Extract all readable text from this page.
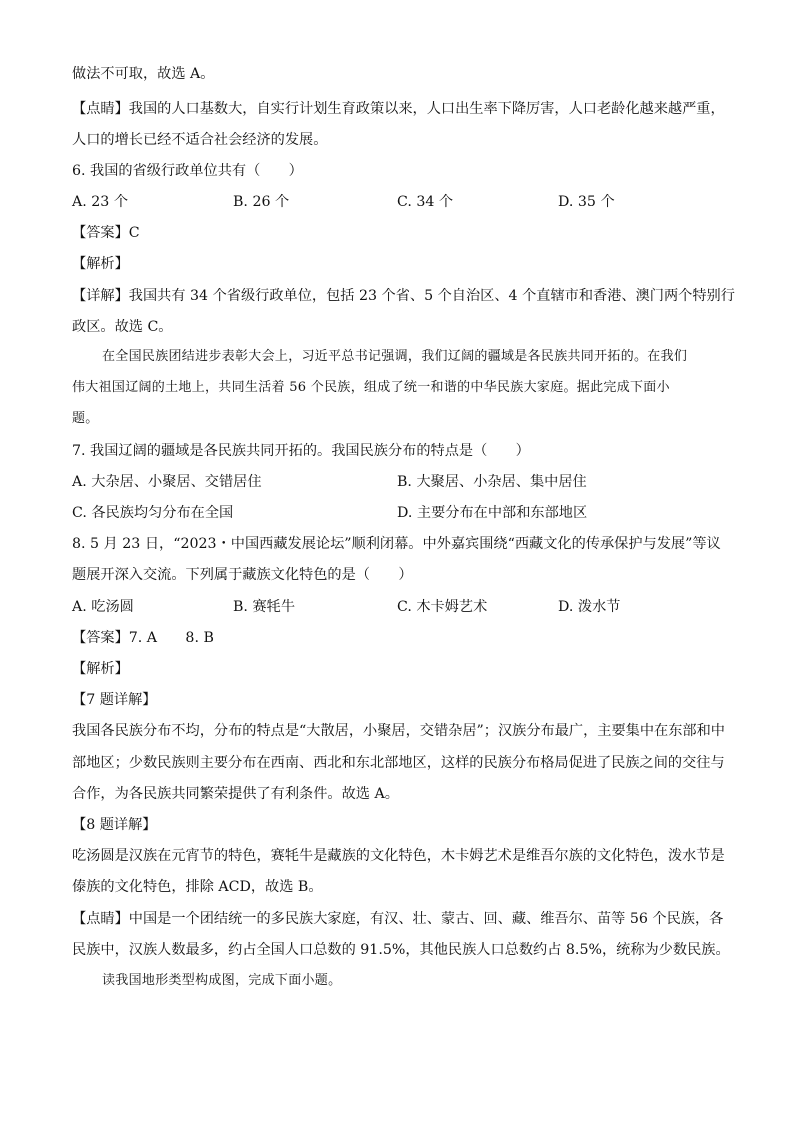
做法不可取，故选 A。
【点睛】我国的人口基数大，自实行计划生育政策以来，人口出生率下降厉害，人口老龄化越来越严重，
人口的增长已经不适合社会经济的发展。
6. 我国的省级行政单位共有（　　）
A. 23 个	B. 26 个	C. 34 个	D. 35 个
【答案】C
【解析】
【详解】我国共有 34 个省级行政单位，包括 23 个省、5 个自治区、4 个直辖市和香港、澳门两个特别行
政区。故选 C。
在全国民族团结进步表彰大会上，习近平总书记强调，我们辽阔的疆域是各民族共同开拓的。在我们
伟大祖国辽阔的土地上，共同生活着 56 个民族，组成了统一和谐的中华民族大家庭。据此完成下面小
题。
7. 我国辽阔的疆域是各民族共同开拓的。我国民族分布的特点是（　　）
A. 大杂居、小聚居、交错居住	B. 大聚居、小杂居、集中居住
C. 各民族均匀分布在全国	D. 主要分布在中部和东部地区
8. 5 月 23 日，“2023・中国西藏发展论坛”顺利闭幕。中外嘉宾围绕“西藏文化的传承保护与发展”等议
题展开深入交流。下列属于藏族文化特色的是（　　）
A. 吃汤圆	B. 赛牦牛	C. 木卡姆艺术	D. 泼水节
【答案】7. A　　8. B
【解析】
【7 题详解】
我国各民族分布不均，分布的特点是“大散居，小聚居，交错杂居”；汉族分布最广，主要集中在东部和中
部地区；少数民族则主要分布在西南、西北和东北部地区，这样的民族分布格局促进了民族之间的交往与
合作，为各民族共同繁荣提供了有利条件。故选 A。
【8 题详解】
吃汤圆是汉族在元宵节的特色，赛牦牛是藏族的文化特色，木卡姆艺术是维吾尔族的文化特色，泼水节是
傣族的文化特色，排除 ACD，故选 B。
【点睛】中国是一个团结统一的多民族大家庭，有汉、壮、蒙古、回、藏、维吾尔、苗等 56 个民族，各
民族中，汉族人数最多，约占全国人口总数的 91.5%，其他民族人口总数约占 8.5%，统称为少数民族。
读我国地形类型构成图，完成下面小题。
